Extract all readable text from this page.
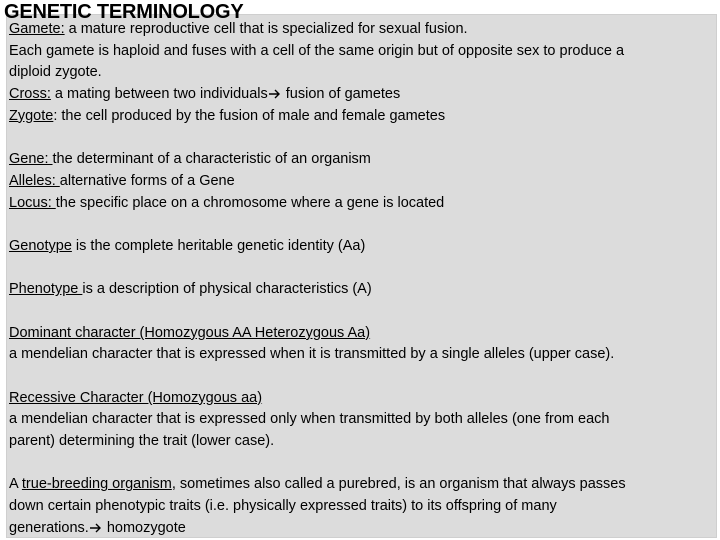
GENETIC TERMINOLOGY
Gamete: a mature reproductive cell that is specialized for sexual fusion.
Each gamete is haploid and fuses with a cell of the same origin but of opposite sex to produce a
diploid zygote.
Cross: a mating between two individuals fusion of gametes
Zygote: the cell produced by the fusion of male and female gametes
Gene: the determinant of a characteristic of an organism
Alleles: alternative forms of a Gene
Locus: the specific place on a chromosome where a gene is located
Genotype is the complete heritable genetic identity (Aa)
Phenotype is a description of physical characteristics (A)
Dominant character (Homozygous AA Heterozygous Aa)
a mendelian character that is expressed when it is transmitted by a single alleles (upper case).
Recessive Character (Homozygous aa)
a mendelian character that is expressed only when transmitted by both alleles (one from each
parent) determining the trait (lower case).
A true-breeding organism, sometimes also called a purebred, is an organism that always passes
down certain phenotypic traits (i.e. physically expressed traits) to its offspring of many
generations. homozygote
